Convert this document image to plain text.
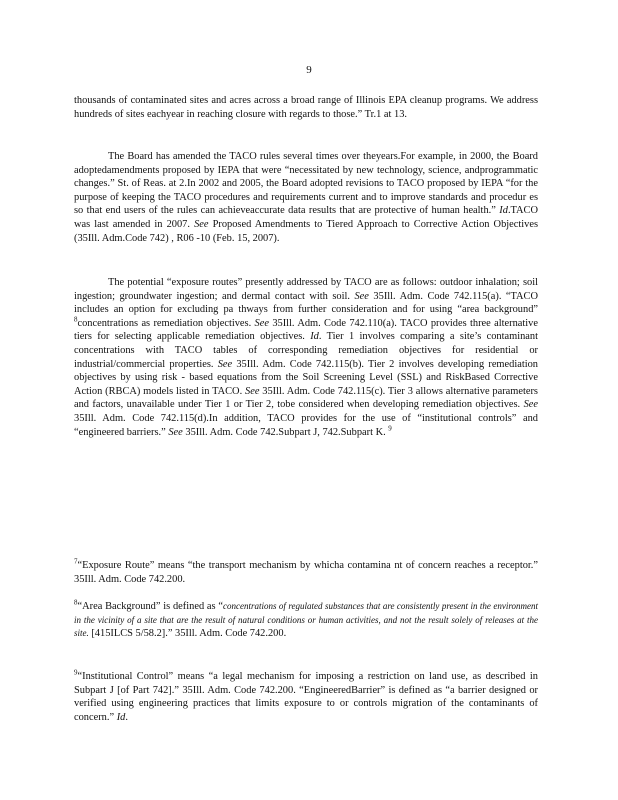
9
thousands of contaminated sites and acres across a broad range of Illinois EPA cleanup programs. We address hundreds of sites eachyear in reaching closure with regards to those.” Tr.1 at 13.
The Board has amended the TACO rules several times over theyears.For example, in 2000, the Board adoptedamendments proposed by IEPA that were “necessitated by new technology, science, andprogrammatic changes.” St. of Reas. at 2.In 2002 and 2005, the Board adopted revisions to TACO proposed by IEPA “for the purpose of keeping the TACO procedures and requirements current and to improve standards and procedur es so that end users of the rules can achieveaccurate data results that are protective of human health.” Id.TACO was last amended in 2007. See Proposed Amendments to Tiered Approach to Corrective Action Objectives (35Ill. Adm.Code 742) , R06 -10 (Feb. 15, 2007).
The potential “exposure routes” presently addressed by TACO are as follows: outdoor inhalation; soil ingestion; groundwater ingestion; and dermal contact with soil. See 35Ill. Adm. Code 742.115(a). “TACO includes an option for excluding pa thways from further consideration and for using “area background” $^8$concentrations as remediation objectives. See 35Ill. Adm. Code 742.110(a). TACO provides three alternative tiers for selecting applicable remediation objectives. Id. Tier 1 involves comparing a site’s contaminant concentrations with TACO tables of corresponding remediation objectives for residential or industrial/commercial properties. See 35Ill. Adm. Code 742.115(b). Tier 2 involves developing remediation objectives by using risk - based equations from the Soil Screening Level (SSL) and RiskBased Corrective Action (RBCA) models listed in TACO. See 35Ill. Adm. Code 742.115(c). Tier 3 allows alternative parameters and factors, unavailable under Tier 1 or Tier 2, tobe considered when developing remediation objectives. See 35Ill. Adm. Code 742.115(d).In addition, TACO provides for the use of “institutional controls” and “engineered barriers.” See 35Ill. Adm. Code 742.Subpart J, 742.Subpart K. $^9$
$^7$“Exposure Route” means “the transport mechanism by whicha contamina nt of concern reaches a receptor.” 35Ill. Adm. Code 742.200.
$^8$“Area Background” is defined as “concentrations of regulated substances that are consistently present in the environment in the vicinity of a site that are the result of natural conditions or human activities, and not the result solely of releases at the site. [415ILCS 5/58.2].” 35Ill. Adm. Code 742.200.
$^9$“Institutional Control” means “a legal mechanism for imposing a restriction on land use, as described in Subpart J [of Part 742].” 35Ill. Adm. Code 742.200. “EngineeredBarrier” is defined as “a barrier designed or verified using engineering practices that limits exposure to or controls migration of the contaminants of concern.” Id.
